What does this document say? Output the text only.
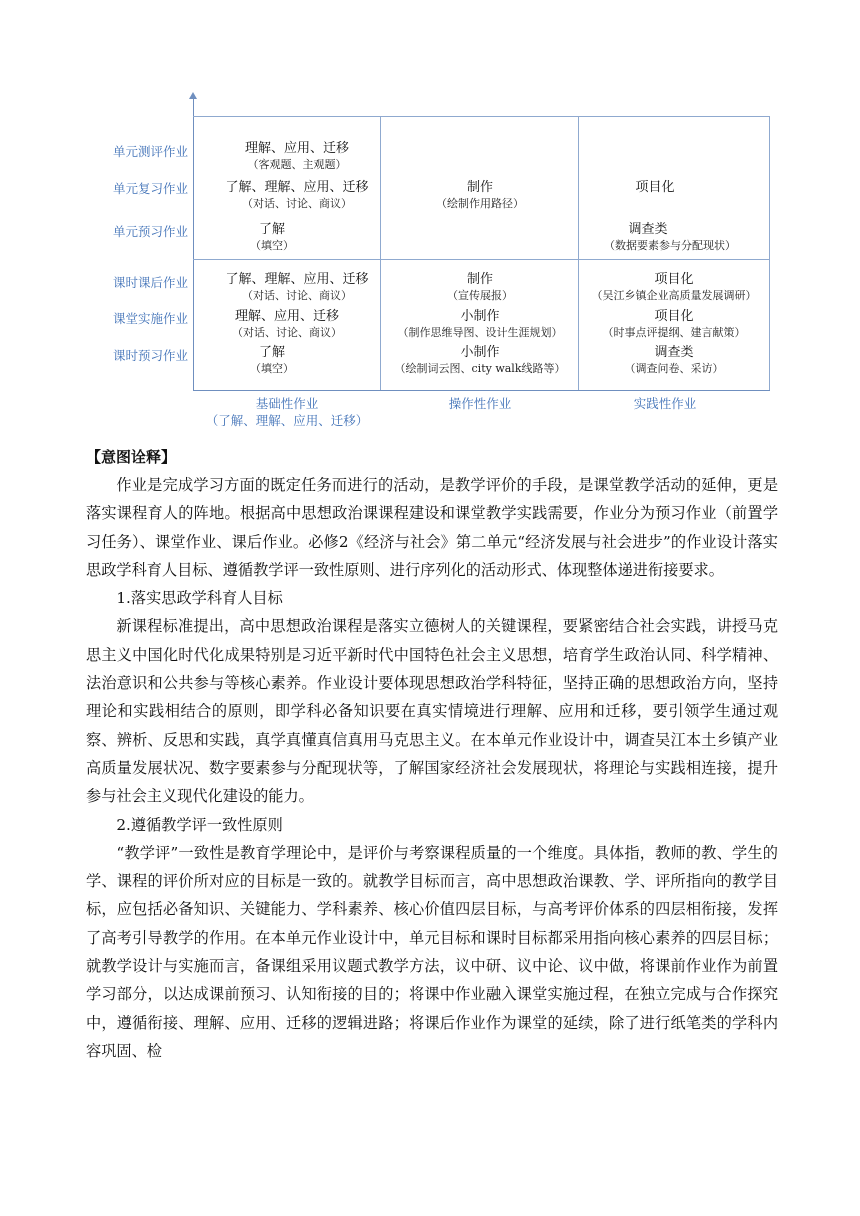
单元测评作业
单元复习作业
单元预习作业
课时课后作业
课堂实施作业
课时预习作业
理解、应用、迁移
（客观题、主观题）
了解、理解、应用、迁移
（对话、讨论、商议）
了解
（填空）
制作
（绘制作用路径）
项目化
调查类
（数据要素参与分配现状）
了解、理解、应用、迁移
（对话、讨论、商议）
理解、应用、迁移
（对话、讨论、商议）
了解
（填空）
制作
（宣传展报）
小制作
（制作思维导图、设计生涯规划）
小制作
（绘制词云图、city walk线路等）
项目化
（吴江乡镇企业高质量发展调研）
项目化
（时事点评提纲、建言献策）
调查类
（调查问卷、采访）
基础性作业
（了解、理解、应用、迁移）
操作性作业	实践性作业
【意图诠释】

作业是完成学习方面的既定任务而进行的活动，是教学评价的手段，是课堂教学活动的延伸，更是落实课程育人的阵地。根据高中思想政治课课程建设和课堂教学实践需要，作业分为预习作业（前置学习任务）、课堂作业、课后作业。必修2《经济与社会》第二单元“经济发展与社会进步”的作业设计落实思政学科育人目标、遵循教学评一致性原则、进行序列化的活动形式、体现整体递进衔接要求。

1.落实思政学科育人目标

新课程标准提出，高中思想政治课程是落实立德树人的关键课程，要紧密结合社会实践，讲授马克思主义中国化时代化成果特别是习近平新时代中国特色社会主义思想，培育学生政治认同、科学精神、法治意识和公共参与等核心素养。作业设计要体现思想政治学科特征，坚持正确的思想政治方向，坚持理论和实践相结合的原则，即学科必备知识要在真实情境进行理解、应用和迁移，要引领学生通过观察、辨析、反思和实践，真学真懂真信真用马克思主义。在本单元作业设计中，调查吴江本土乡镇产业高质量发展状况、数字要素参与分配现状等，了解国家经济社会发展现状，将理论与实践相连接，提升参与社会主义现代化建设的能力。

2.遵循教学评一致性原则

“教学评”一致性是教育学理论中，是评价与考察课程质量的一个维度。具体指，教师的教、学生的学、课程的评价所对应的目标是一致的。就教学目标而言，高中思想政治课教、学、评所指向的教学目标，应包括必备知识、关键能力、学科素养、核心价值四层目标，与高考评价体系的四层相衔接，发挥了高考引导教学的作用。在本单元作业设计中，单元目标和课时目标都采用指向核心素养的四层目标；就教学设计与实施而言，备课组采用议题式教学方法，议中研、议中论、议中做，将课前作业作为前置学习部分，以达成课前预习、认知衔接的目的；将课中作业融入课堂实施过程，在独立完成与合作探究中，遵循衔接、理解、应用、迁移的逻辑进路；将课后作业作为课堂的延续，除了进行纸笔类的学科内容巩固、检
